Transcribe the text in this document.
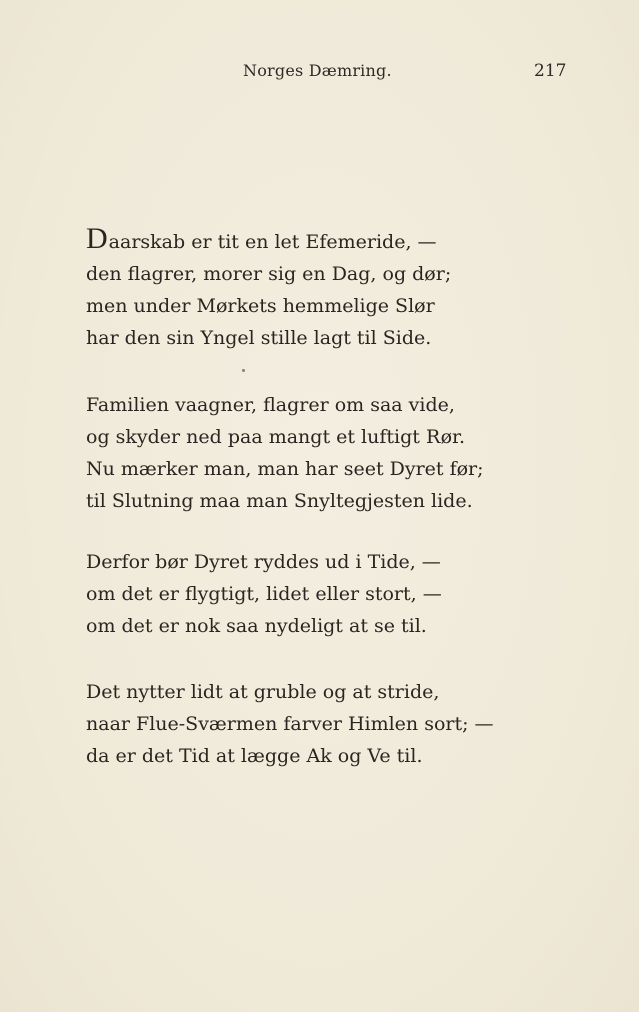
Norges Dæmring.	217
Daarskab er tit en let Efemeride, —
den flagrer, morer sig en Dag, og dør;
men under Mørkets hemmelige Slør
har den sin Yngel stille lagt til Side.
Familien vaagner, flagrer om saa vide,
og skyder ned paa mangt et luftigt Rør.
Nu mærker man, man har seet Dyret før;
til Slutning maa man Snyltegjesten lide.
Derfor bør Dyret ryddes ud i Tide, —
om det er flygtigt, lidet eller stort, —
om det er nok saa nydeligt at se til.
Det nytter lidt at gruble og at stride,
naar Flue-Sværmen farver Himlen sort; —
da er det Tid at lægge Ak og Ve til.
